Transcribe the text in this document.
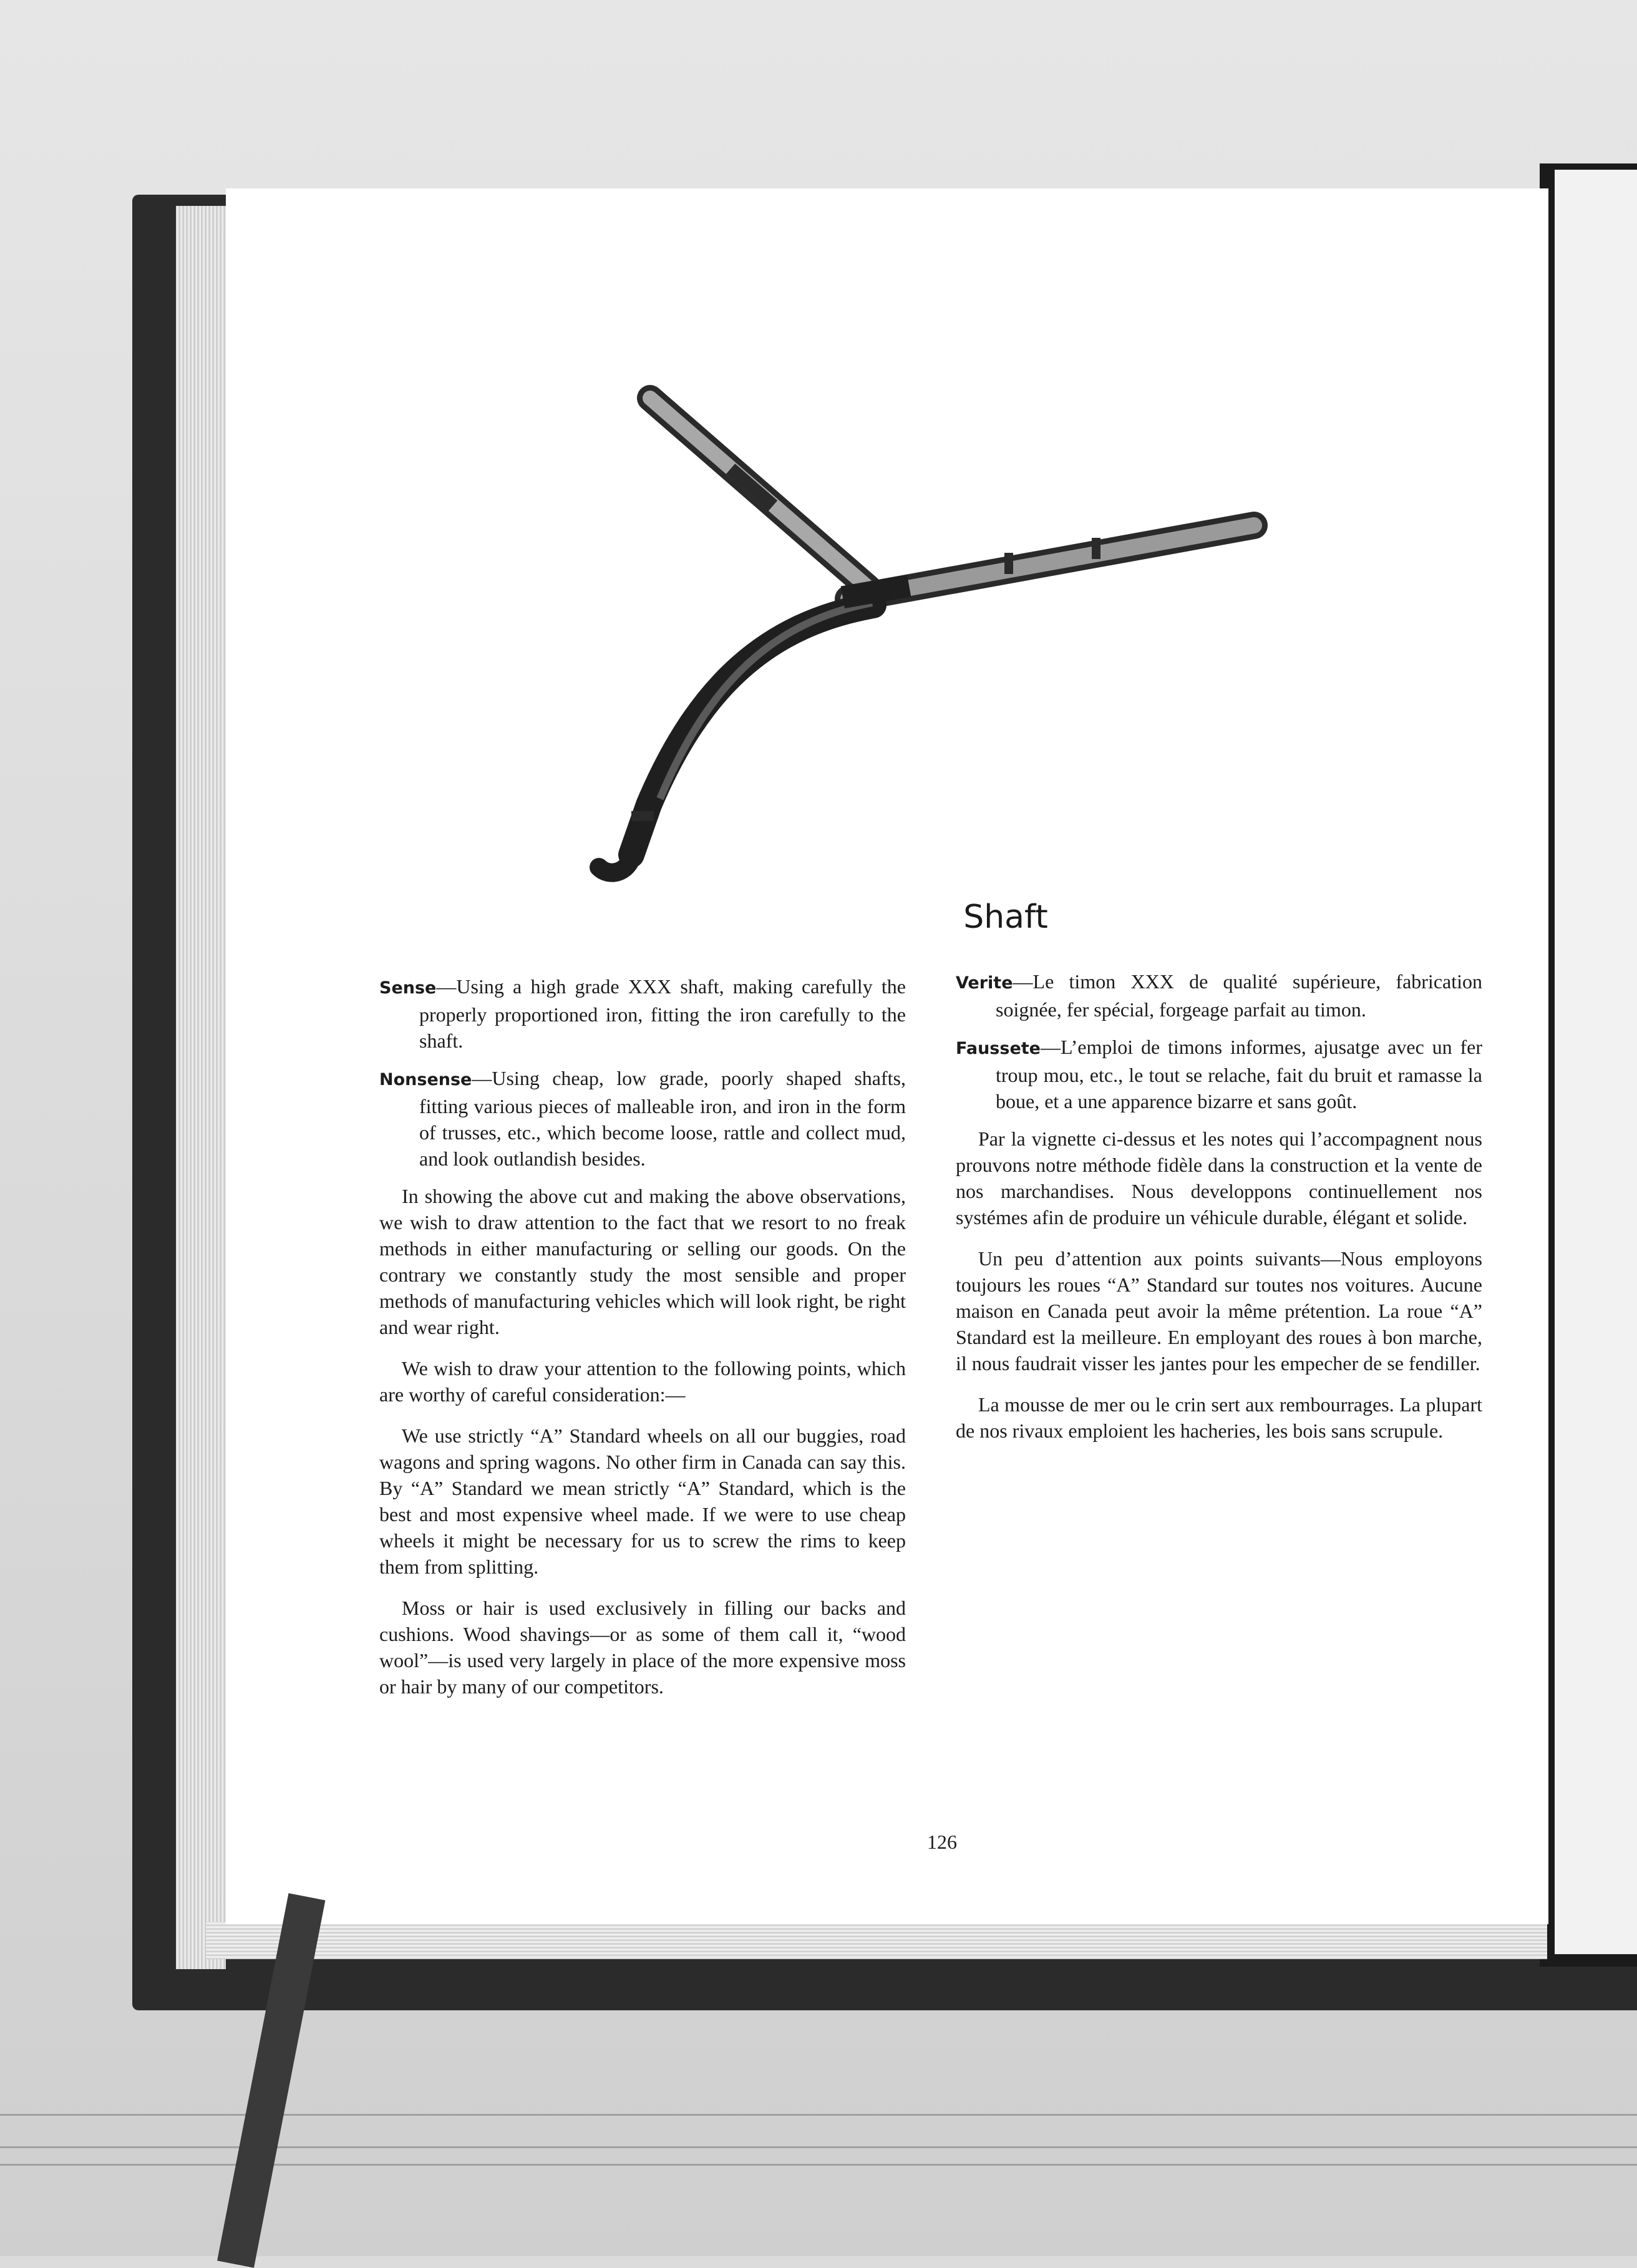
Shaft

Sense—Using a high grade XXX shaft, making carefully the properly proportioned iron, fitting the iron carefully to the shaft.

Nonsense—Using cheap, low grade, poorly shaped shafts, fitting various pieces of malleable iron, and iron in the form of trusses, etc., which become loose, rattle and collect mud, and look outlandish besides.

In showing the above cut and making the above observations, we wish to draw attention to the fact that we resort to no freak methods in either manufacturing or selling our goods. On the contrary we constantly study the most sensible and proper methods of manufacturing vehicles which will look right, be right and wear right.

We wish to draw your attention to the following points, which are worthy of careful consideration:—

We use strictly “A” Standard wheels on all our buggies, road wagons and spring wagons. No other firm in Canada can say this. By “A” Standard we mean strictly “A” Standard, which is the best and most expensive wheel made. If we were to use cheap wheels it might be necessary for us to screw the rims to keep them from splitting.

Moss or hair is used exclusively in filling our backs and cushions. Wood shavings—or as some of them call it, “wood wool”—is used very largely in place of the more expensive moss or hair by many of our competitors.

Verite—Le timon XXX de qualité supérieure, fabrication soignée, fer spécial, forgeage parfait au timon.

Faussete—L’emploi de timons informes, ajusatge avec un fer troup mou, etc., le tout se relache, fait du bruit et ramasse la boue, et a une apparence bizarre et sans goût.

Par la vignette ci-dessus et les notes qui l’accompagnent nous prouvons notre méthode fidèle dans la construction et la vente de nos marchandises. Nous developpons continuellement nos systémes afin de produire un véhicule durable, élégant et solide.

Un peu d’attention aux points suivants—Nous employons toujours les roues “A” Standard sur toutes nos voitures. Aucune maison en Canada peut avoir la même prétention. La roue “A” Standard est la meilleure. En employant des roues à bon marche, il nous faudrait visser les jantes pour les empecher de se fendiller.

La mousse de mer ou le crin sert aux rembourrages. La plupart de nos rivaux emploient les hacheries, les bois sans scrupule.

126
